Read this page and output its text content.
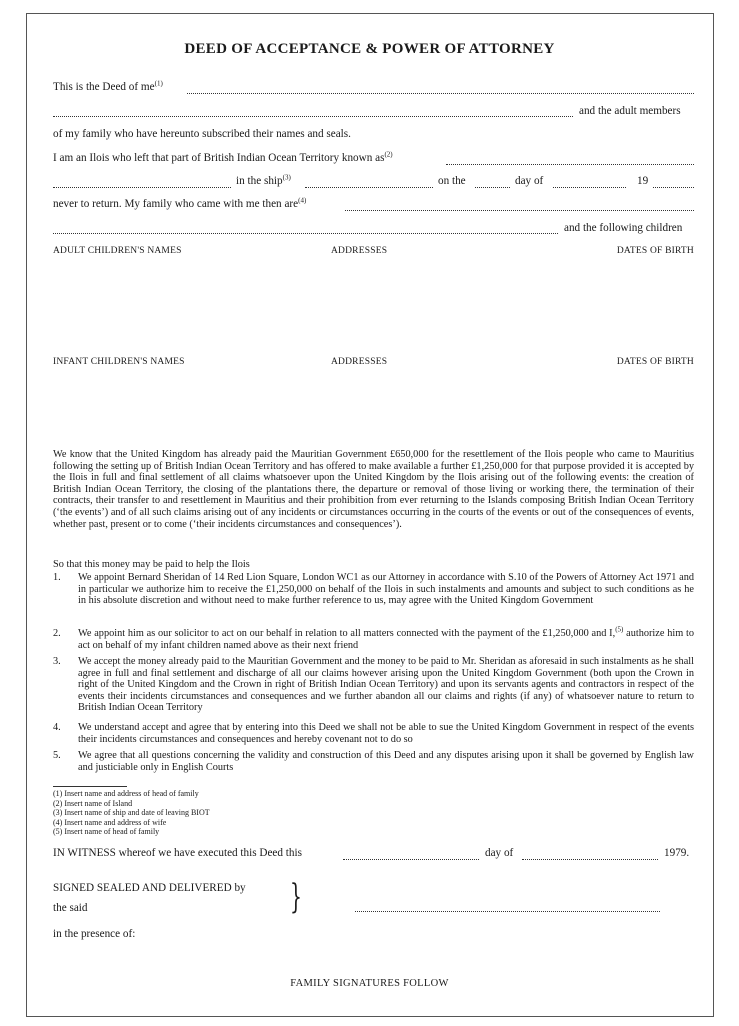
DEED OF ACCEPTANCE & POWER OF ATTORNEY
This is the Deed of $me^{(1)}$
and the adult members
of my family who have hereunto subscribed their names and seals.
I am an Ilois who left that part of British Indian Ocean Territory known $as^{(2)}$
in the ship$^{(3)}$	on the	day of	19
never to return. My family who came with me then are$^{(4)}$
and the following children
ADULT CHILDREN'S NAMES	ADDRESSES	DATES OF BIRTH
INFANT CHILDREN'S NAMES	ADDRESSES	DATES OF BIRTH

We know that the United Kingdom has already paid the Mauritian Government £650,000 for the resettlement of the Ilois people who came to Mauritius following the setting up of British Indian Ocean Territory and has offered to make available a further £1,250,000 for that purpose provided it is accepted by the Ilois in full and final settlement of all claims whatsoever upon the United Kingdom by the Ilois arising out of the following events: the creation of British Indian Ocean Territory, the closing of the plantations there, the departure or removal of those living or working there, the termination of their contracts, their transfer to and resettlement in Mauritius and their prohibition from ever returning to the Islands composing British Indian Ocean Territory (‘the events’) and of all such claims arising out of any incidents or circumstances occurring in the courts of the events or out of the consequences of events, whether past, present or to come (‘their incidents circumstances and consequences’).

So that this money may be paid to help the Ilois
1. We appoint Bernard Sheridan of 14 Red Lion Square, London WC1 as our Attorney in accordance with S.10 of the Powers of Attorney Act 1971 and in particular we authorize him to receive the £1,250,000 on behalf of the Ilois in such instalments and amounts and subject to such conditions as he in his absolute discretion and without need to make further reference to us, may agree with the United Kingdom Government
2. We appoint him as our solicitor to act on our behalf in relation to all matters connected with the payment of the £1,250,000 and I,$^{(5)}$ authorize him to act on behalf of my infant children named above as their next friend
3. We accept the money already paid to the Mauritian Government and the money to be paid to Mr. Sheridan as aforesaid in such instalments as he shall agree in full and final settlement and discharge of all our claims however arising upon the United Kingdom Government (both upon the Crown in right of the United Kingdom and the Crown in right of British Indian Ocean Territory) and upon its servants agents and contractors in respect of the events their incidents circumstances and consequences and we further abandon all our claims and rights (if any) of whatsoever nature to return to British Indian Ocean Territory
4. We understand accept and agree that by entering into this Deed we shall not be able to sue the United Kingdom Government in respect of the events their incidents circumstances and consequences and hereby covenant not to do so
5. We agree that all questions concerning the validity and construction of this Deed and any disputes arising upon it shall be governed by English law and justiciable only in English Courts
(1) Insert name and address of head of family
(2) Insert name of Island
(3) Insert name of ship and date of leaving BIOT
(4) Insert name and address of wife
(5) Insert name of head of family
IN WITNESS whereof we have executed this Deed this	day of	1979.
SIGNED SEALED AND DELIVERED by
the said	}
in the presence of:
FAMILY SIGNATURES FOLLOW
